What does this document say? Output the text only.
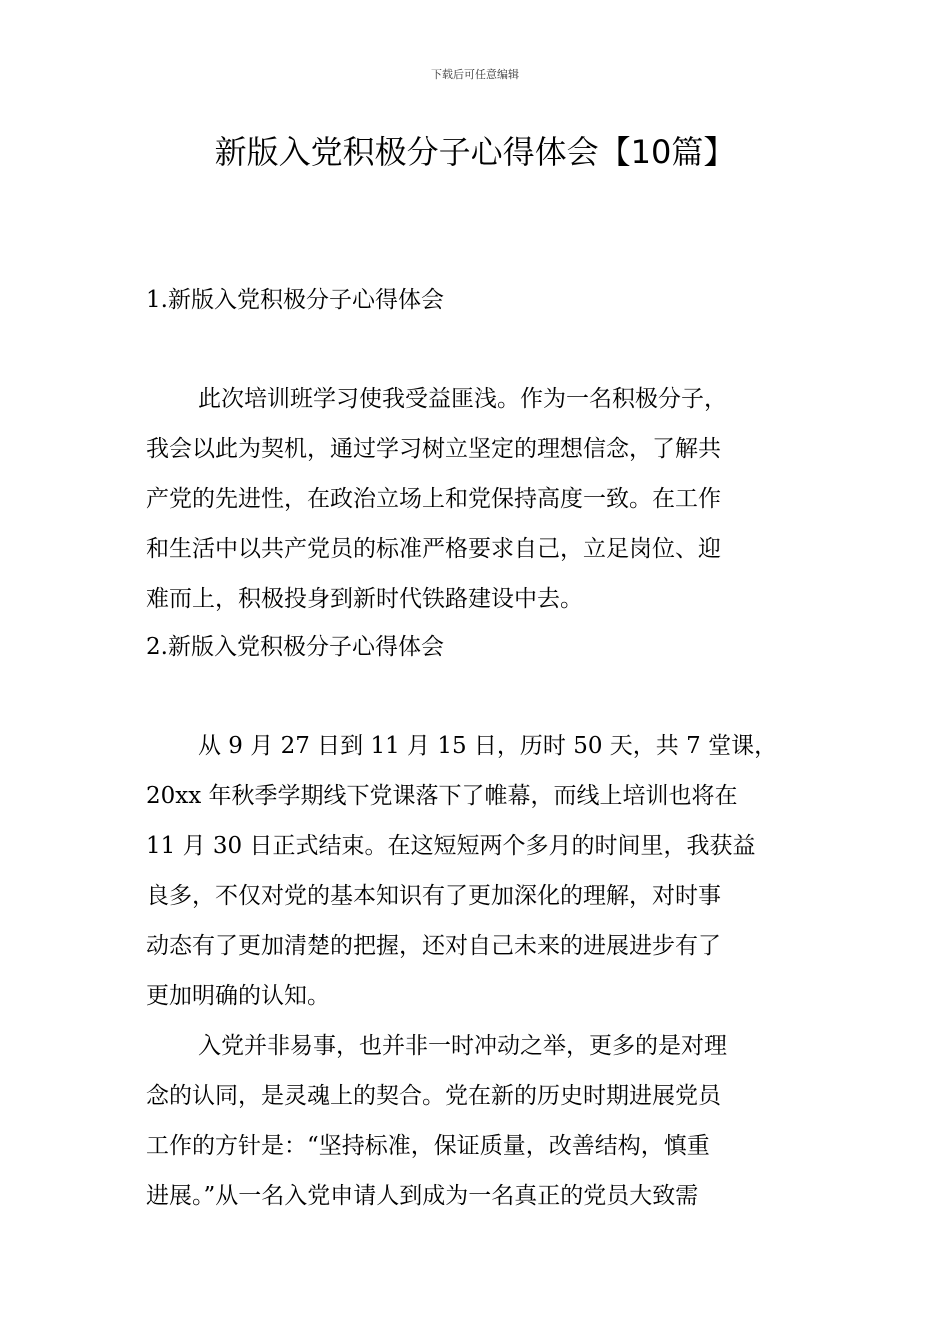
下载后可任意编辑
新版入党积极分子心得体会【10篇】
1.新版入党积极分子心得体会
此次培训班学习使我受益匪浅。作为一名积极分子，
我会以此为契机，通过学习树立坚定的理想信念，了解共
产党的先进性，在政治立场上和党保持高度一致。在工作
和生活中以共产党员的标准严格要求自己，立足岗位、迎
难而上，积极投身到新时代铁路建设中去。
2.新版入党积极分子心得体会
从 9 月 27 日到 11 月 15 日，历时 50 天，共 7 堂课，
20xx 年秋季学期线下党课落下了帷幕，而线上培训也将在
11 月 30 日正式结束。在这短短两个多月的时间里，我获益
良多，不仅对党的基本知识有了更加深化的理解，对时事
动态有了更加清楚的把握，还对自己未来的进展进步有了
更加明确的认知。
入党并非易事，也并非一时冲动之举，更多的是对理
念的认同，是灵魂上的契合。党在新的历史时期进展党员
工作的方针是：“坚持标准，保证质量，改善结构，慎重
进展。”从一名入党申请人到成为一名真正的党员大致需
